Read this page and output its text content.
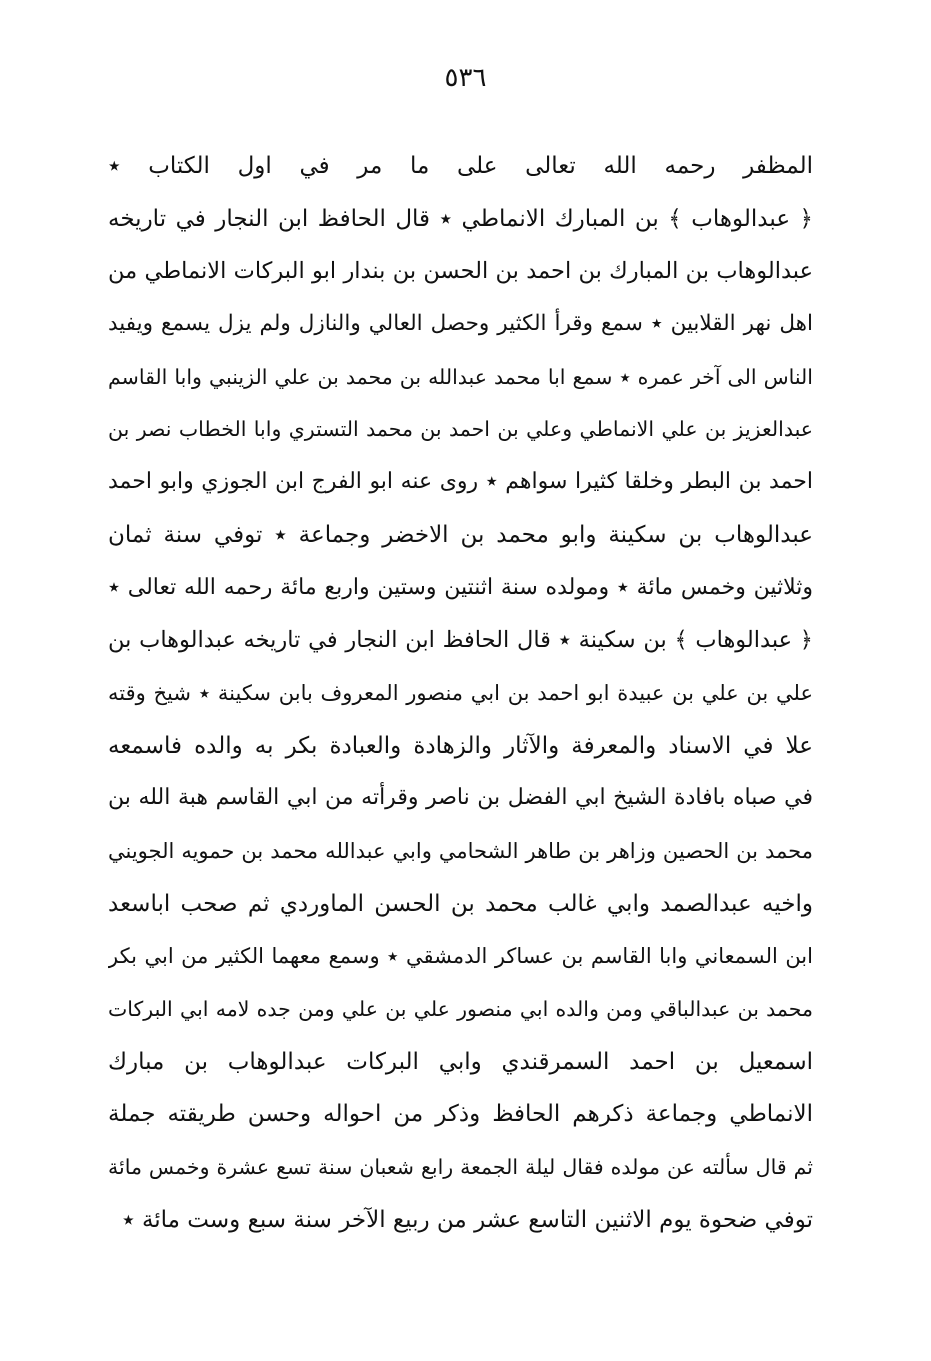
٥٣٦
المظفر رحمه الله تعالى على ما مر في اول الكتاب ٭
﴿ عبدالوهاب ﴾ بن المبارك الانماطي ٭ قال الحافظ ابن النجار في تاريخه
عبدالوهاب بن المبارك بن احمد بن الحسن بن بندار ابو البركات الانماطي من
اهل نهر القلابين ٭ سمع وقرأ الكثير وحصل العالي والنازل ولم يزل يسمع ويفيد
الناس الى آخر عمره ٭ سمع ابا محمد عبدالله بن محمد بن علي الزينبي وابا القاسم
عبدالعزيز بن علي الانماطي وعلي بن احمد بن محمد التستري وابا الخطاب نصر بن
احمد بن البطر وخلقا كثيرا سواهم ٭ روى عنه ابو الفرج ابن الجوزي وابو احمد
عبدالوهاب بن سكينة وابو محمد بن الاخضر وجماعة ٭ توفي سنة ثمان
وثلاثين وخمس مائة ٭ ومولده سنة اثنتين وستين واربع مائة رحمه الله تعالى ٭
﴿ عبدالوهاب ﴾ بن سكينة ٭ قال الحافظ ابن النجار في تاريخه عبدالوهاب بن
علي بن علي بن عبيدة ابو احمد بن ابي منصور المعروف بابن سكينة ٭ شيخ وقته
علا في الاسناد والمعرفة والآثار والزهادة والعبادة بكر به والده فاسمعه
في صباه بافادة الشيخ ابي الفضل بن ناصر وقرأته من ابي القاسم هبة الله بن
محمد بن الحصين وزاهر بن طاهر الشحامي وابي عبدالله محمد بن حمويه الجويني
واخيه عبدالصمد وابي غالب محمد بن الحسن الماوردي ثم صحب اباسعد
ابن السمعاني وابا القاسم بن عساكر الدمشقي ٭ وسمع معهما الكثير من ابي بكر
محمد بن عبدالباقي ومن والده ابي منصور علي بن علي ومن جده لامه ابي البركات
اسمعيل بن احمد السمرقندي وابي البركات عبدالوهاب بن مبارك
الانماطي وجماعة ذكرهم الحافظ وذكر من احواله وحسن طريقته جملة
ثم قال سألته عن مولده فقال ليلة الجمعة رابع شعبان سنة تسع عشرة وخمس مائة
توفي ضحوة يوم الاثنين التاسع عشر من ربيع الآخر سنة سبع وست مائة ٭
